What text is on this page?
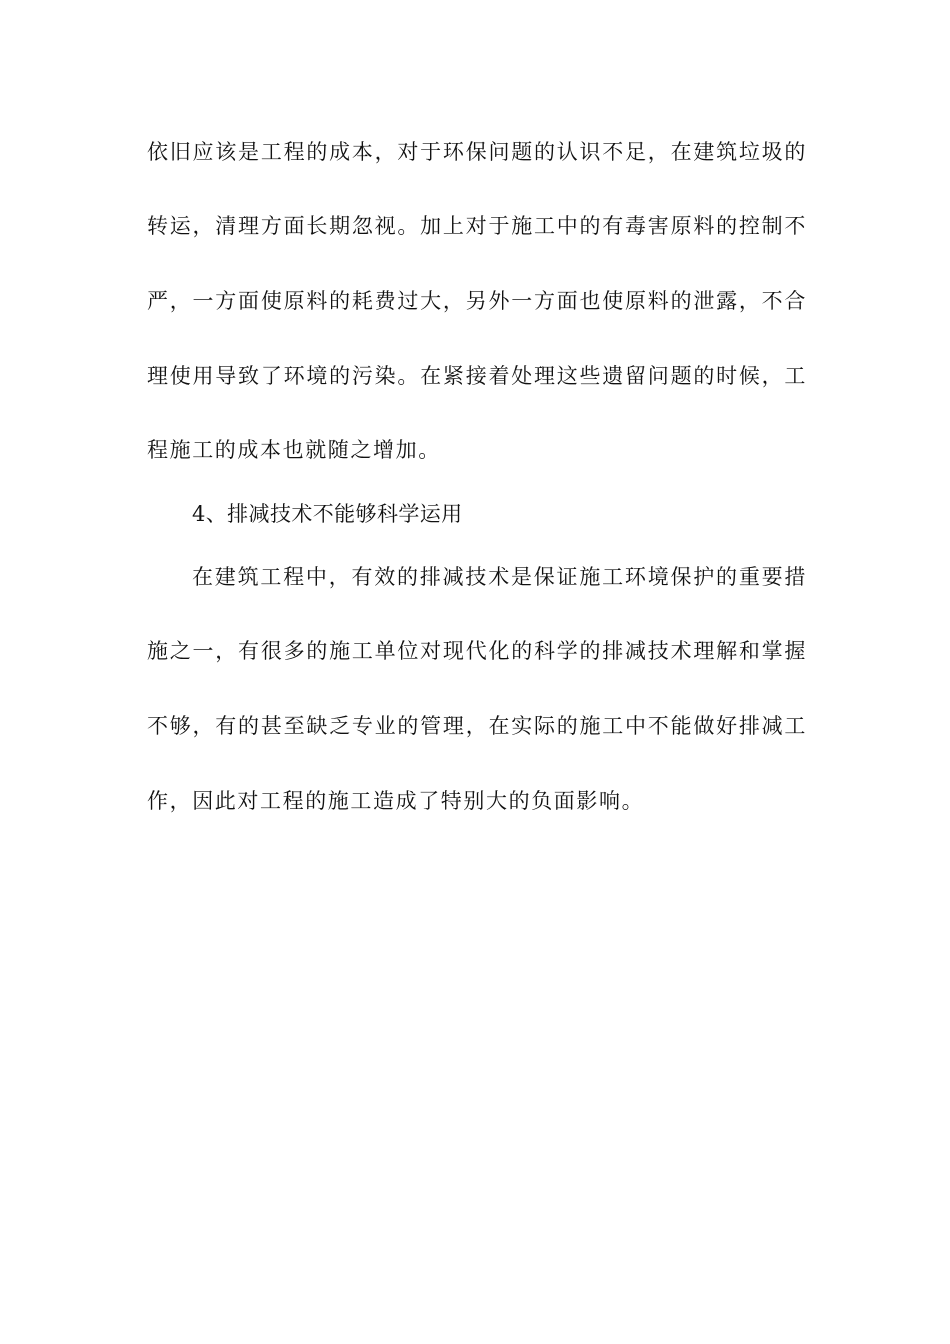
依旧应该是工程的成本，对于环保问题的认识不足，在建筑垃圾的
转运，清理方面长期忽视。加上对于施工中的有毒害原料的控制不
严，一方面使原料的耗费过大，另外一方面也使原料的泄露，不合
理使用导致了环境的污染。在紧接着处理这些遗留问题的时候，工
程施工的成本也就随之增加。
4、排减技术不能够科学运用
在建筑工程中，有效的排减技术是保证施工环境保护的重要措
施之一，有很多的施工单位对现代化的科学的排减技术理解和掌握
不够，有的甚至缺乏专业的管理，在实际的施工中不能做好排减工
作，因此对工程的施工造成了特别大的负面影响。
